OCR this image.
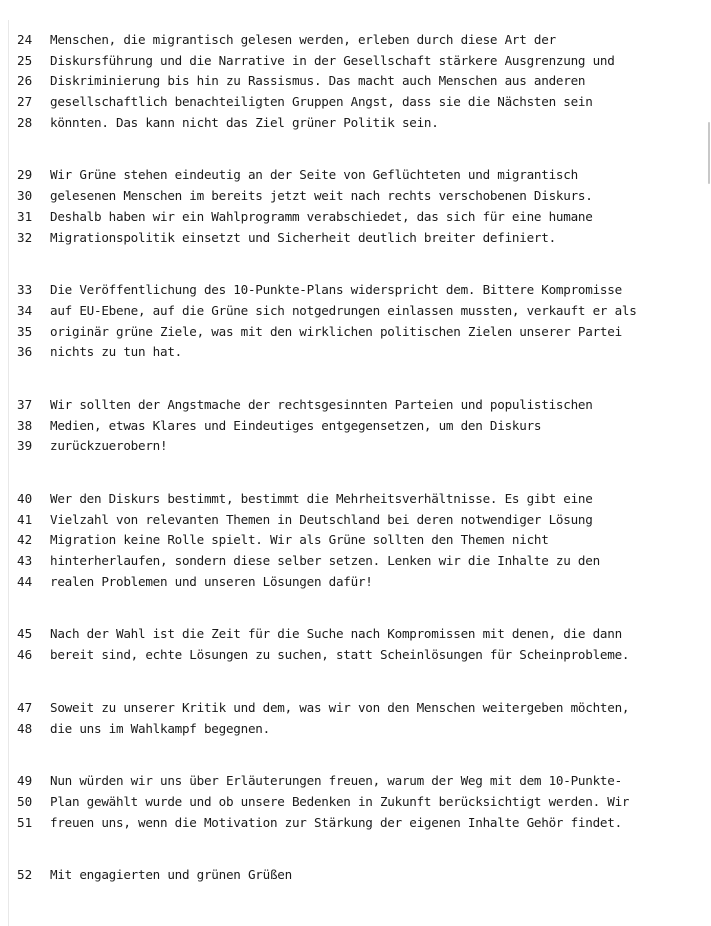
24	Menschen, die migrantisch gelesen werden, erleben durch diese Art der
25	Diskursführung und die Narrative in der Gesellschaft stärkere Ausgrenzung und
26	Diskriminierung bis hin zu Rassismus. Das macht auch Menschen aus anderen
27	gesellschaftlich benachteiligten Gruppen Angst, dass sie die Nächsten sein
28	könnten. Das kann nicht das Ziel grüner Politik sein.
29	Wir Grüne stehen eindeutig an der Seite von Geflüchteten und migrantisch
30	gelesenen Menschen im bereits jetzt weit nach rechts verschobenen Diskurs.
31	Deshalb haben wir ein Wahlprogramm verabschiedet, das sich für eine humane
32	Migrationspolitik einsetzt und Sicherheit deutlich breiter definiert.
33	Die Veröffentlichung des 10-Punkte-Plans widerspricht dem. Bittere Kompromisse
34	auf EU-Ebene, auf die Grüne sich notgedrungen einlassen mussten, verkauft er als
35	originär grüne Ziele, was mit den wirklichen politischen Zielen unserer Partei
36	nichts zu tun hat.
37	Wir sollten der Angstmache der rechtsgesinnten Parteien und populistischen
38	Medien, etwas Klares und Eindeutiges entgegensetzen, um den Diskurs
39	zurückzuerobern!
40	Wer den Diskurs bestimmt, bestimmt die Mehrheitsverhältnisse. Es gibt eine
41	Vielzahl von relevanten Themen in Deutschland bei deren notwendiger Lösung
42	Migration keine Rolle spielt. Wir als Grüne sollten den Themen nicht
43	hinterherlaufen, sondern diese selber setzen. Lenken wir die Inhalte zu den
44	realen Problemen und unseren Lösungen dafür!
45	Nach der Wahl ist die Zeit für die Suche nach Kompromissen mit denen, die dann
46	bereit sind, echte Lösungen zu suchen, statt Scheinlösungen für Scheinprobleme.
47	Soweit zu unserer Kritik und dem, was wir von den Menschen weitergeben möchten,
48	die uns im Wahlkampf begegnen.
49	Nun würden wir uns über Erläuterungen freuen, warum der Weg mit dem 10-Punkte-
50	Plan gewählt wurde und ob unsere Bedenken in Zukunft berücksichtigt werden. Wir
51	freuen uns, wenn die Motivation zur Stärkung der eigenen Inhalte Gehör findet.
52	Mit engagierten und grünen Grüßen
